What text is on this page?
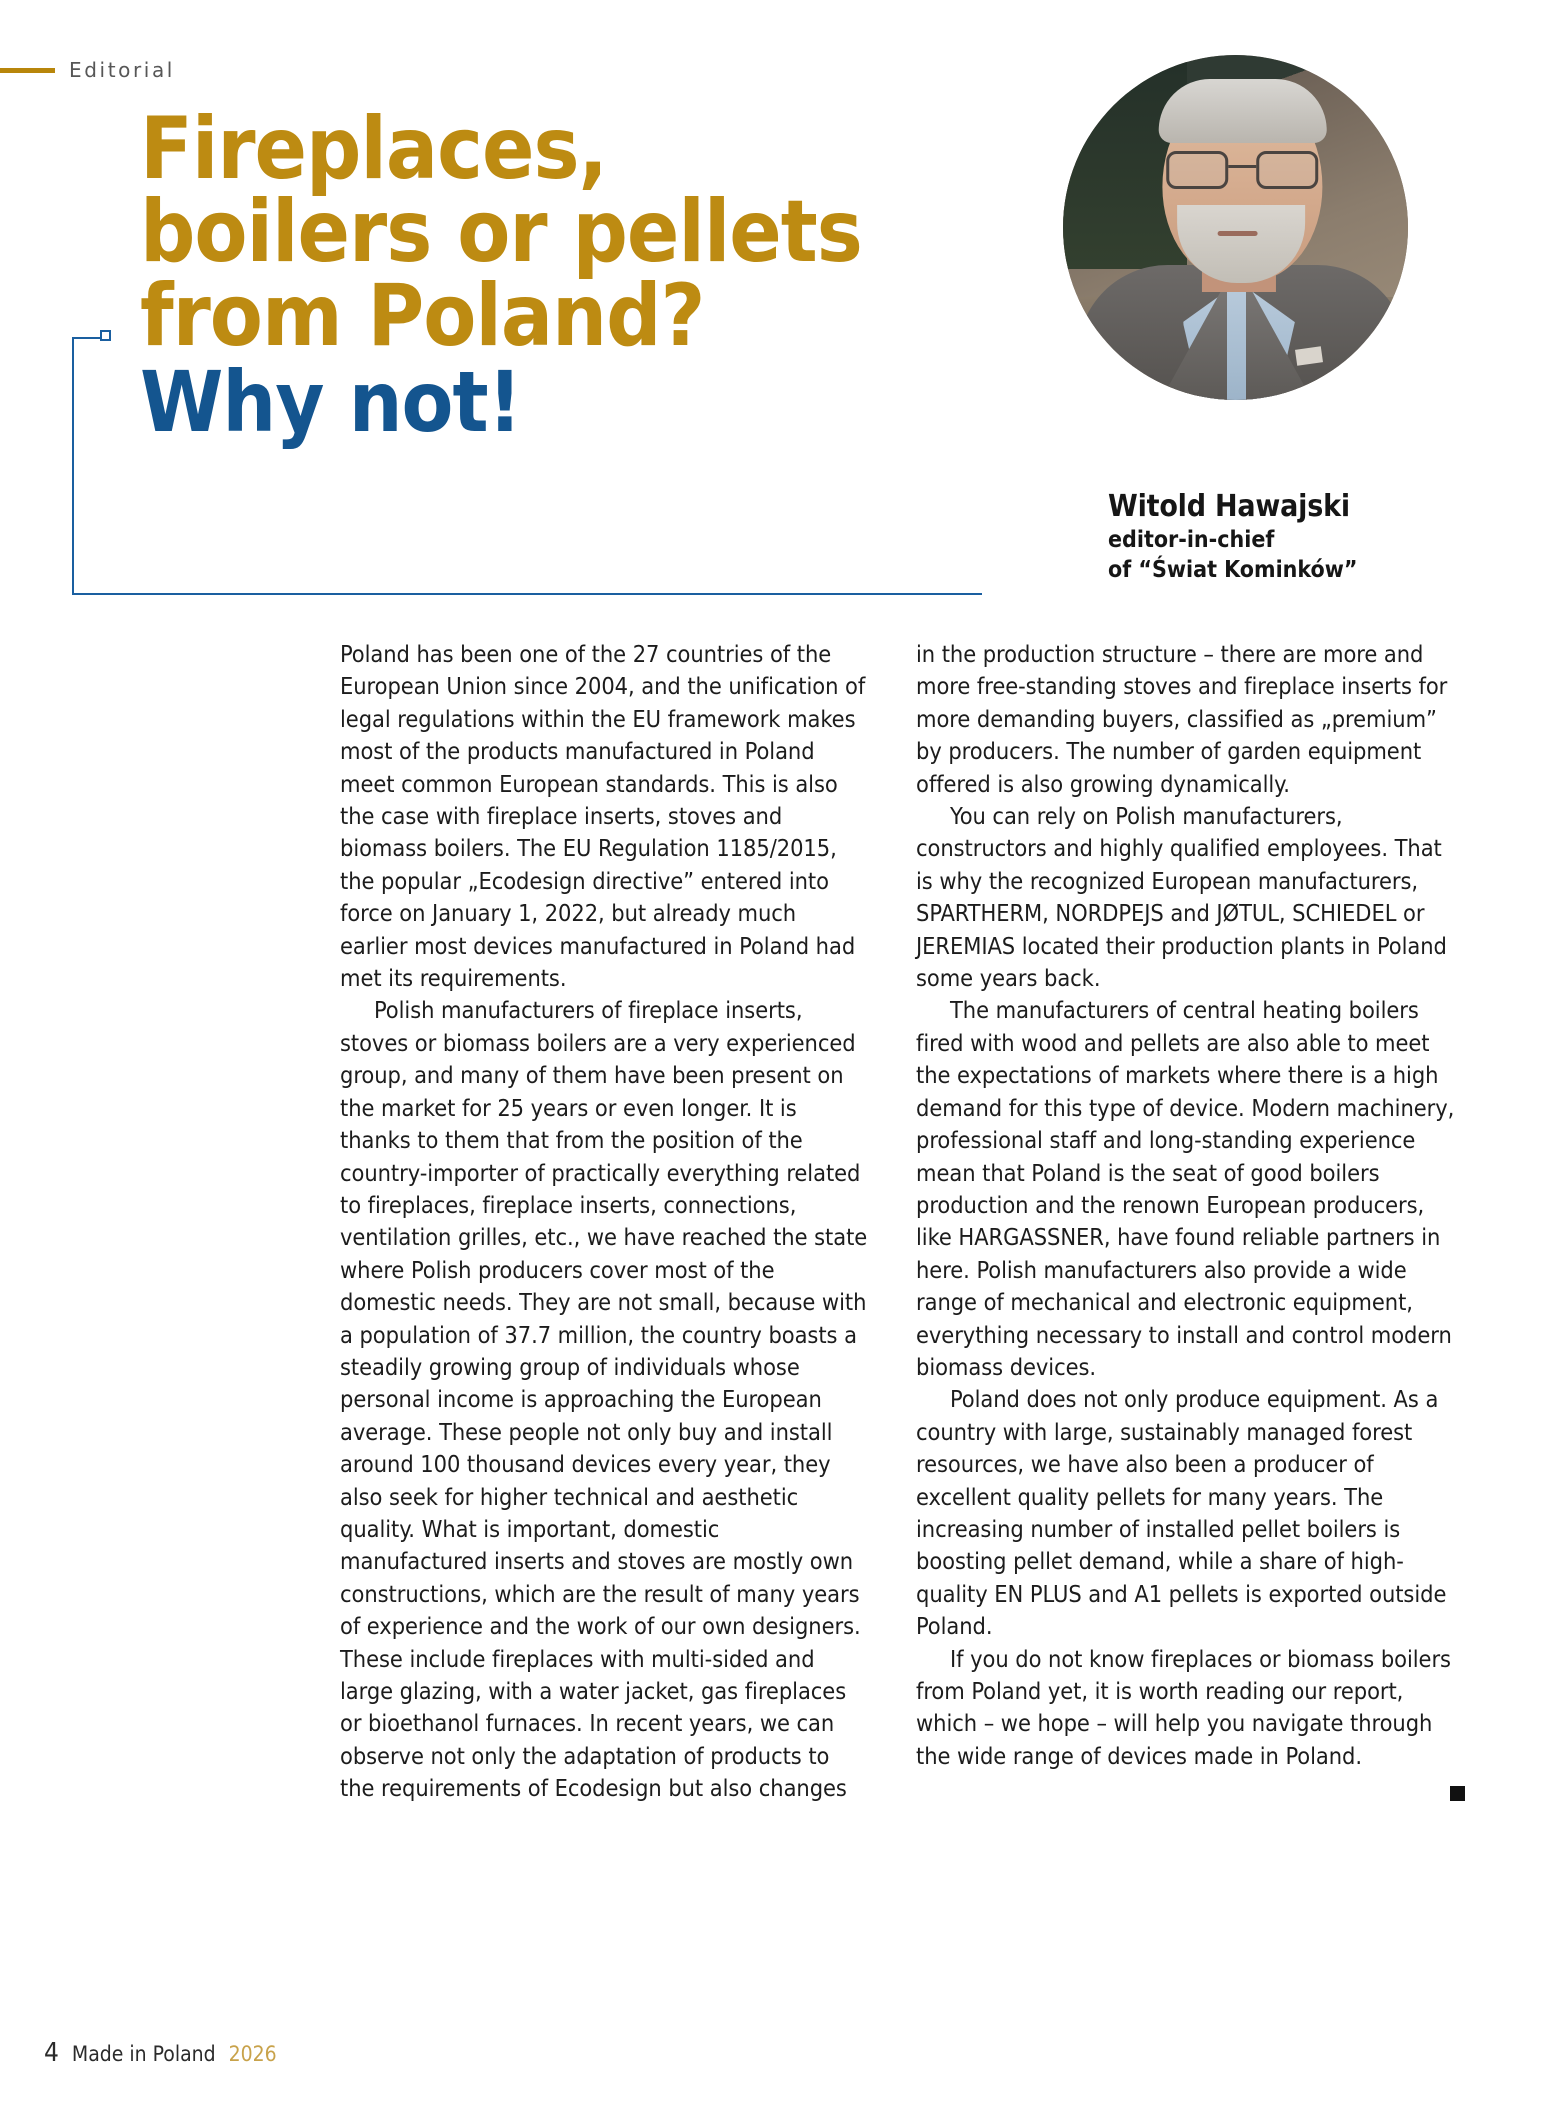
Editorial
Fireplaces,
boilers or pellets
from Poland?
Why not!
Witold Hawajski
editor-in-chief
of “Świat Kominków”

Poland has been one of the 27 countries of the European Union since 2004, and the unification of legal regulations within the EU framework makes most of the products manufactured in Poland meet common European standards. This is also the case with fireplace inserts, stoves and biomass boilers. The EU Regulation 1185/2015, the popular „Ecodesign directive” entered into force on January 1, 2022, but already much earlier most devices manufactured in Poland had met its requirements.

Polish manufacturers of fireplace inserts, stoves or biomass boilers are a very experienced group, and many of them have been present on the market for 25 years or even longer. It is thanks to them that from the position of the country-importer of practically everything related to fireplaces, fireplace inserts, connections, ventilation grilles, etc., we have reached the state where Polish producers cover most of the domestic needs. They are not small, because with a population of 37.7 million, the country boasts a steadily growing group of individuals whose personal income is approaching the European average. These people not only buy and install around 100 thousand devices every year, they also seek for higher technical and aesthetic quality. What is important, domestic manufactured inserts and stoves are mostly own constructions, which are the result of many years of experience and the work of our own designers. These include fireplaces with multi-sided and large glazing, with a water jacket, gas fireplaces or bioethanol furnaces. In recent years, we can observe not only the adaptation of products to the requirements of Ecodesign but also changes

in the production structure – there are more and more free-standing stoves and fireplace inserts for more demanding buyers, classified as „premium” by producers. The number of garden equipment offered is also growing dynamically.

You can rely on Polish manufacturers, constructors and highly qualified employees. That is why the recognized European manufacturers, SPARTHERM, NORDPEJS and JØTUL, SCHIEDEL or JEREMIAS located their production plants in Poland some years back.

The manufacturers of central heating boilers fired with wood and pellets are also able to meet the expectations of markets where there is a high demand for this type of device. Modern machinery, professional staff and long-standing experience mean that Poland is the seat of good boilers production and the renown European producers, like HARGASSNER, have found reliable partners in here. Polish manufacturers also provide a wide range of mechanical and electronic equipment, everything necessary to install and control modern biomass devices.

Poland does not only produce equipment. As a country with large, sustainably managed forest resources, we have also been a producer of excellent quality pellets for many years. The increasing number of installed pellet boilers is boosting pellet demand, while a share of high-quality EN PLUS and A1 pellets is exported outside Poland.

If you do not know fireplaces or biomass boilers from Poland yet, it is worth reading our report, which – we hope – will help you navigate through the wide range of devices made in Poland.

4 Made in Poland 2026
